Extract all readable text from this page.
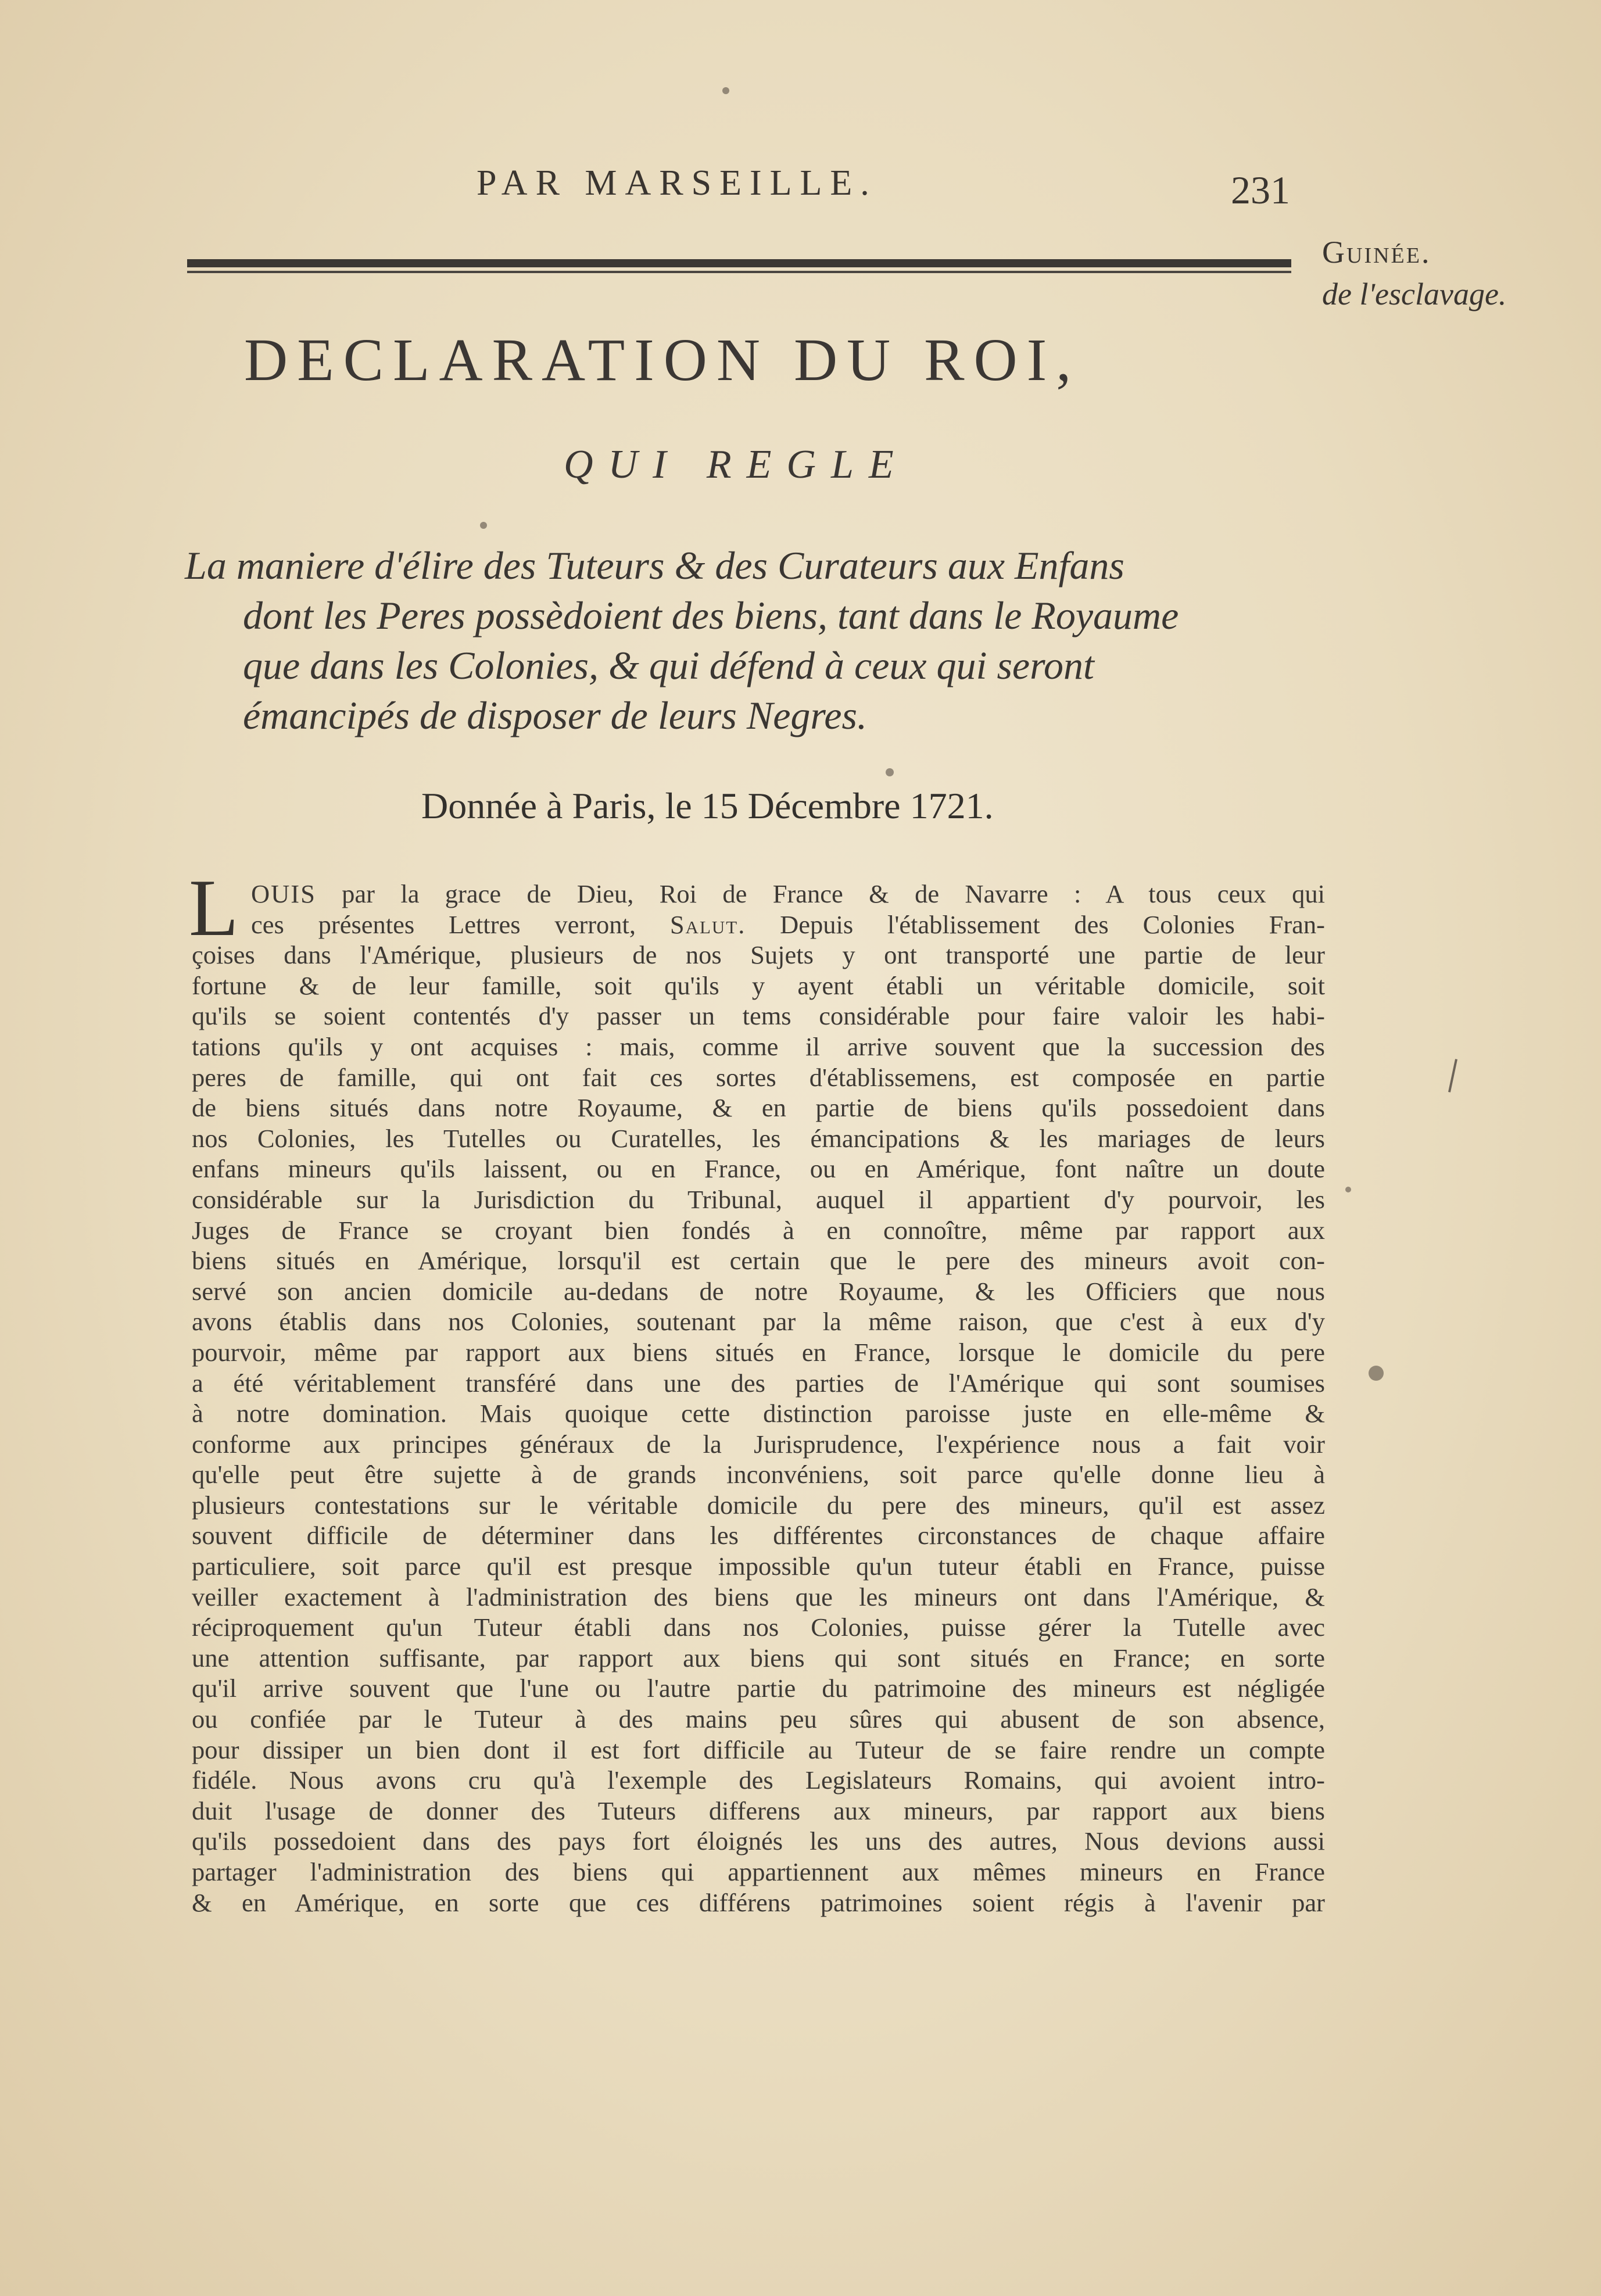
PAR MARSEILLE.	231
Guinée.
de l'esclavage.
DECLARATION DU ROI,
QUI REGLE

La maniere d'élire des Tuteurs & des Curateurs aux Enfans
dont les Peres possèdoient des biens, tant dans le Royaume
que dans les Colonies, & qui défend à ceux qui seront
émancipés de disposer de leurs Negres.

Donnée à Paris, le 15 Décembre 1721.
L OUIS par la grace de Dieu, Roi de France & de Navarre : A tous ceux qui
ces présentes Lettres verront, Salut. Depuis l'établissement des Colonies Fran-
çoises dans l'Amérique, plusieurs de nos Sujets y ont transporté une partie de leur
fortune & de leur famille, soit qu'ils y ayent établi un véritable domicile, soit
qu'ils se soient contentés d'y passer un tems considérable pour faire valoir les habi-
tations qu'ils y ont acquises : mais, comme il arrive souvent que la succession des
peres de famille, qui ont fait ces sortes d'établissemens, est composée en partie
de biens situés dans notre Royaume, & en partie de biens qu'ils possedoient dans
nos Colonies, les Tutelles ou Curatelles, les émancipations & les mariages de leurs
enfans mineurs qu'ils laissent, ou en France, ou en Amérique, font naître un doute
considérable sur la Jurisdiction du Tribunal, auquel il appartient d'y pourvoir, les
Juges de France se croyant bien fondés à en connoître, même par rapport aux
biens situés en Amérique, lorsqu'il est certain que le pere des mineurs avoit con-
servé son ancien domicile au-dedans de notre Royaume, & les Officiers que nous
avons établis dans nos Colonies, soutenant par la même raison, que c'est à eux d'y
pourvoir, même par rapport aux biens situés en France, lorsque le domicile du pere
a été véritablement transféré dans une des parties de l'Amérique qui sont soumises
à notre domination. Mais quoique cette distinction paroisse juste en elle-même &
conforme aux principes généraux de la Jurisprudence, l'expérience nous a fait voir
qu'elle peut être sujette à de grands inconvéniens, soit parce qu'elle donne lieu à
plusieurs contestations sur le véritable domicile du pere des mineurs, qu'il est assez
souvent difficile de déterminer dans les différentes circonstances de chaque affaire
particuliere, soit parce qu'il est presque impossible qu'un tuteur établi en France, puisse
veiller exactement à l'administration des biens que les mineurs ont dans l'Amérique, &
réciproquement qu'un Tuteur établi dans nos Colonies, puisse gérer la Tutelle avec
une attention suffisante, par rapport aux biens qui sont situés en France; en sorte
qu'il arrive souvent que l'une ou l'autre partie du patrimoine des mineurs est négligée
ou confiée par le Tuteur à des mains peu sûres qui abusent de son absence,
pour dissiper un bien dont il est fort difficile au Tuteur de se faire rendre un compte
fidéle. Nous avons cru qu'à l'exemple des Legislateurs Romains, qui avoient intro-
duit l'usage de donner des Tuteurs differens aux mineurs, par rapport aux biens
qu'ils possedoient dans des pays fort éloignés les uns des autres, Nous devions aussi
partager l'administration des biens qui appartiennent aux mêmes mineurs en France
& en Amérique, en sorte que ces différens patrimoines soient régis à l'avenir par
